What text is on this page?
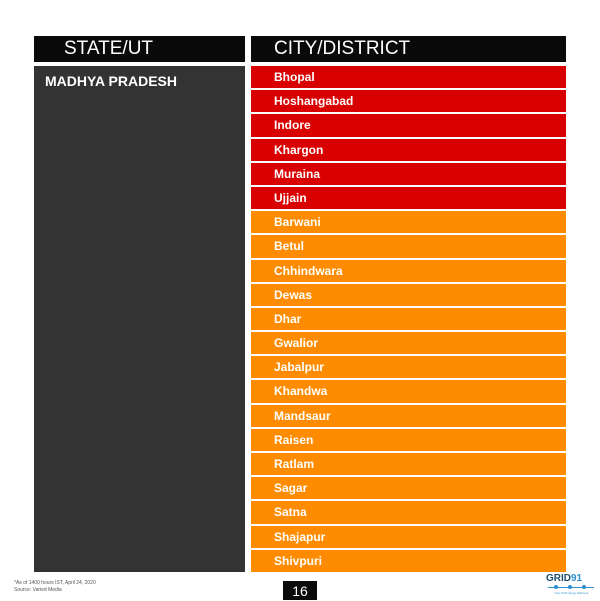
STATE/UT	CITY/DISTRICT
MADHYA PRADESH	Bhopal
Hoshangabad
Indore
Khargon
Muraina
Ujjain
Barwani
Betul
Chhindwara
Dewas
Dhar
Gwalior
Jabalpur
Khandwa
Mandsaur
Raisen
Ratlam
Sagar
Satna
Shajapur
Shivpuri
*As of 1400 hours IST, April 24, 2020
Source: Varied Media	16
GRID91
Your Technology Partners
